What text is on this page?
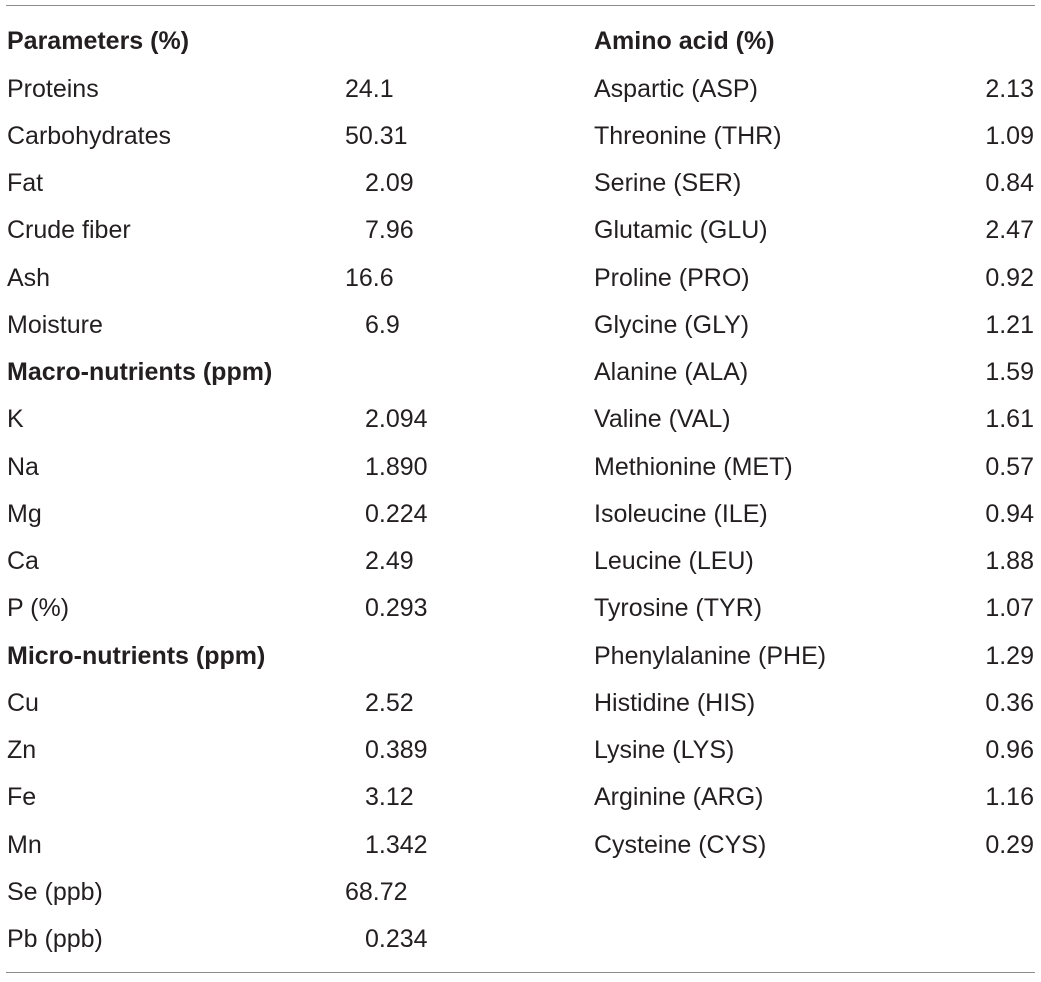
Parameters (%)
Proteins	24.1
Carbohydrates	50.31
Fat	2.09
Crude fiber	7.96
Ash	16.6
Moisture	6.9
Macro-nutrients (ppm)
K	2.094
Na	1.890
Mg	0.224
Ca	2.49
P (%)	0.293
Micro-nutrients (ppm)
Cu	2.52
Zn	0.389
Fe	3.12
Mn	1.342
Se (ppb)	68.72
Pb (ppb)	0.234
Amino acid (%)
Aspartic (ASP)	2.13
Threonine (THR)	1.09
Serine (SER)	0.84
Glutamic (GLU)	2.47
Proline (PRO)	0.92
Glycine (GLY)	1.21
Alanine (ALA)	1.59
Valine (VAL)	1.61
Methionine (MET)	0.57
Isoleucine (ILE)	0.94
Leucine (LEU)	1.88
Tyrosine (TYR)	1.07
Phenylalanine (PHE)	1.29
Histidine (HIS)	0.36
Lysine (LYS)	0.96
Arginine (ARG)	1.16
Cysteine (CYS)	0.29
